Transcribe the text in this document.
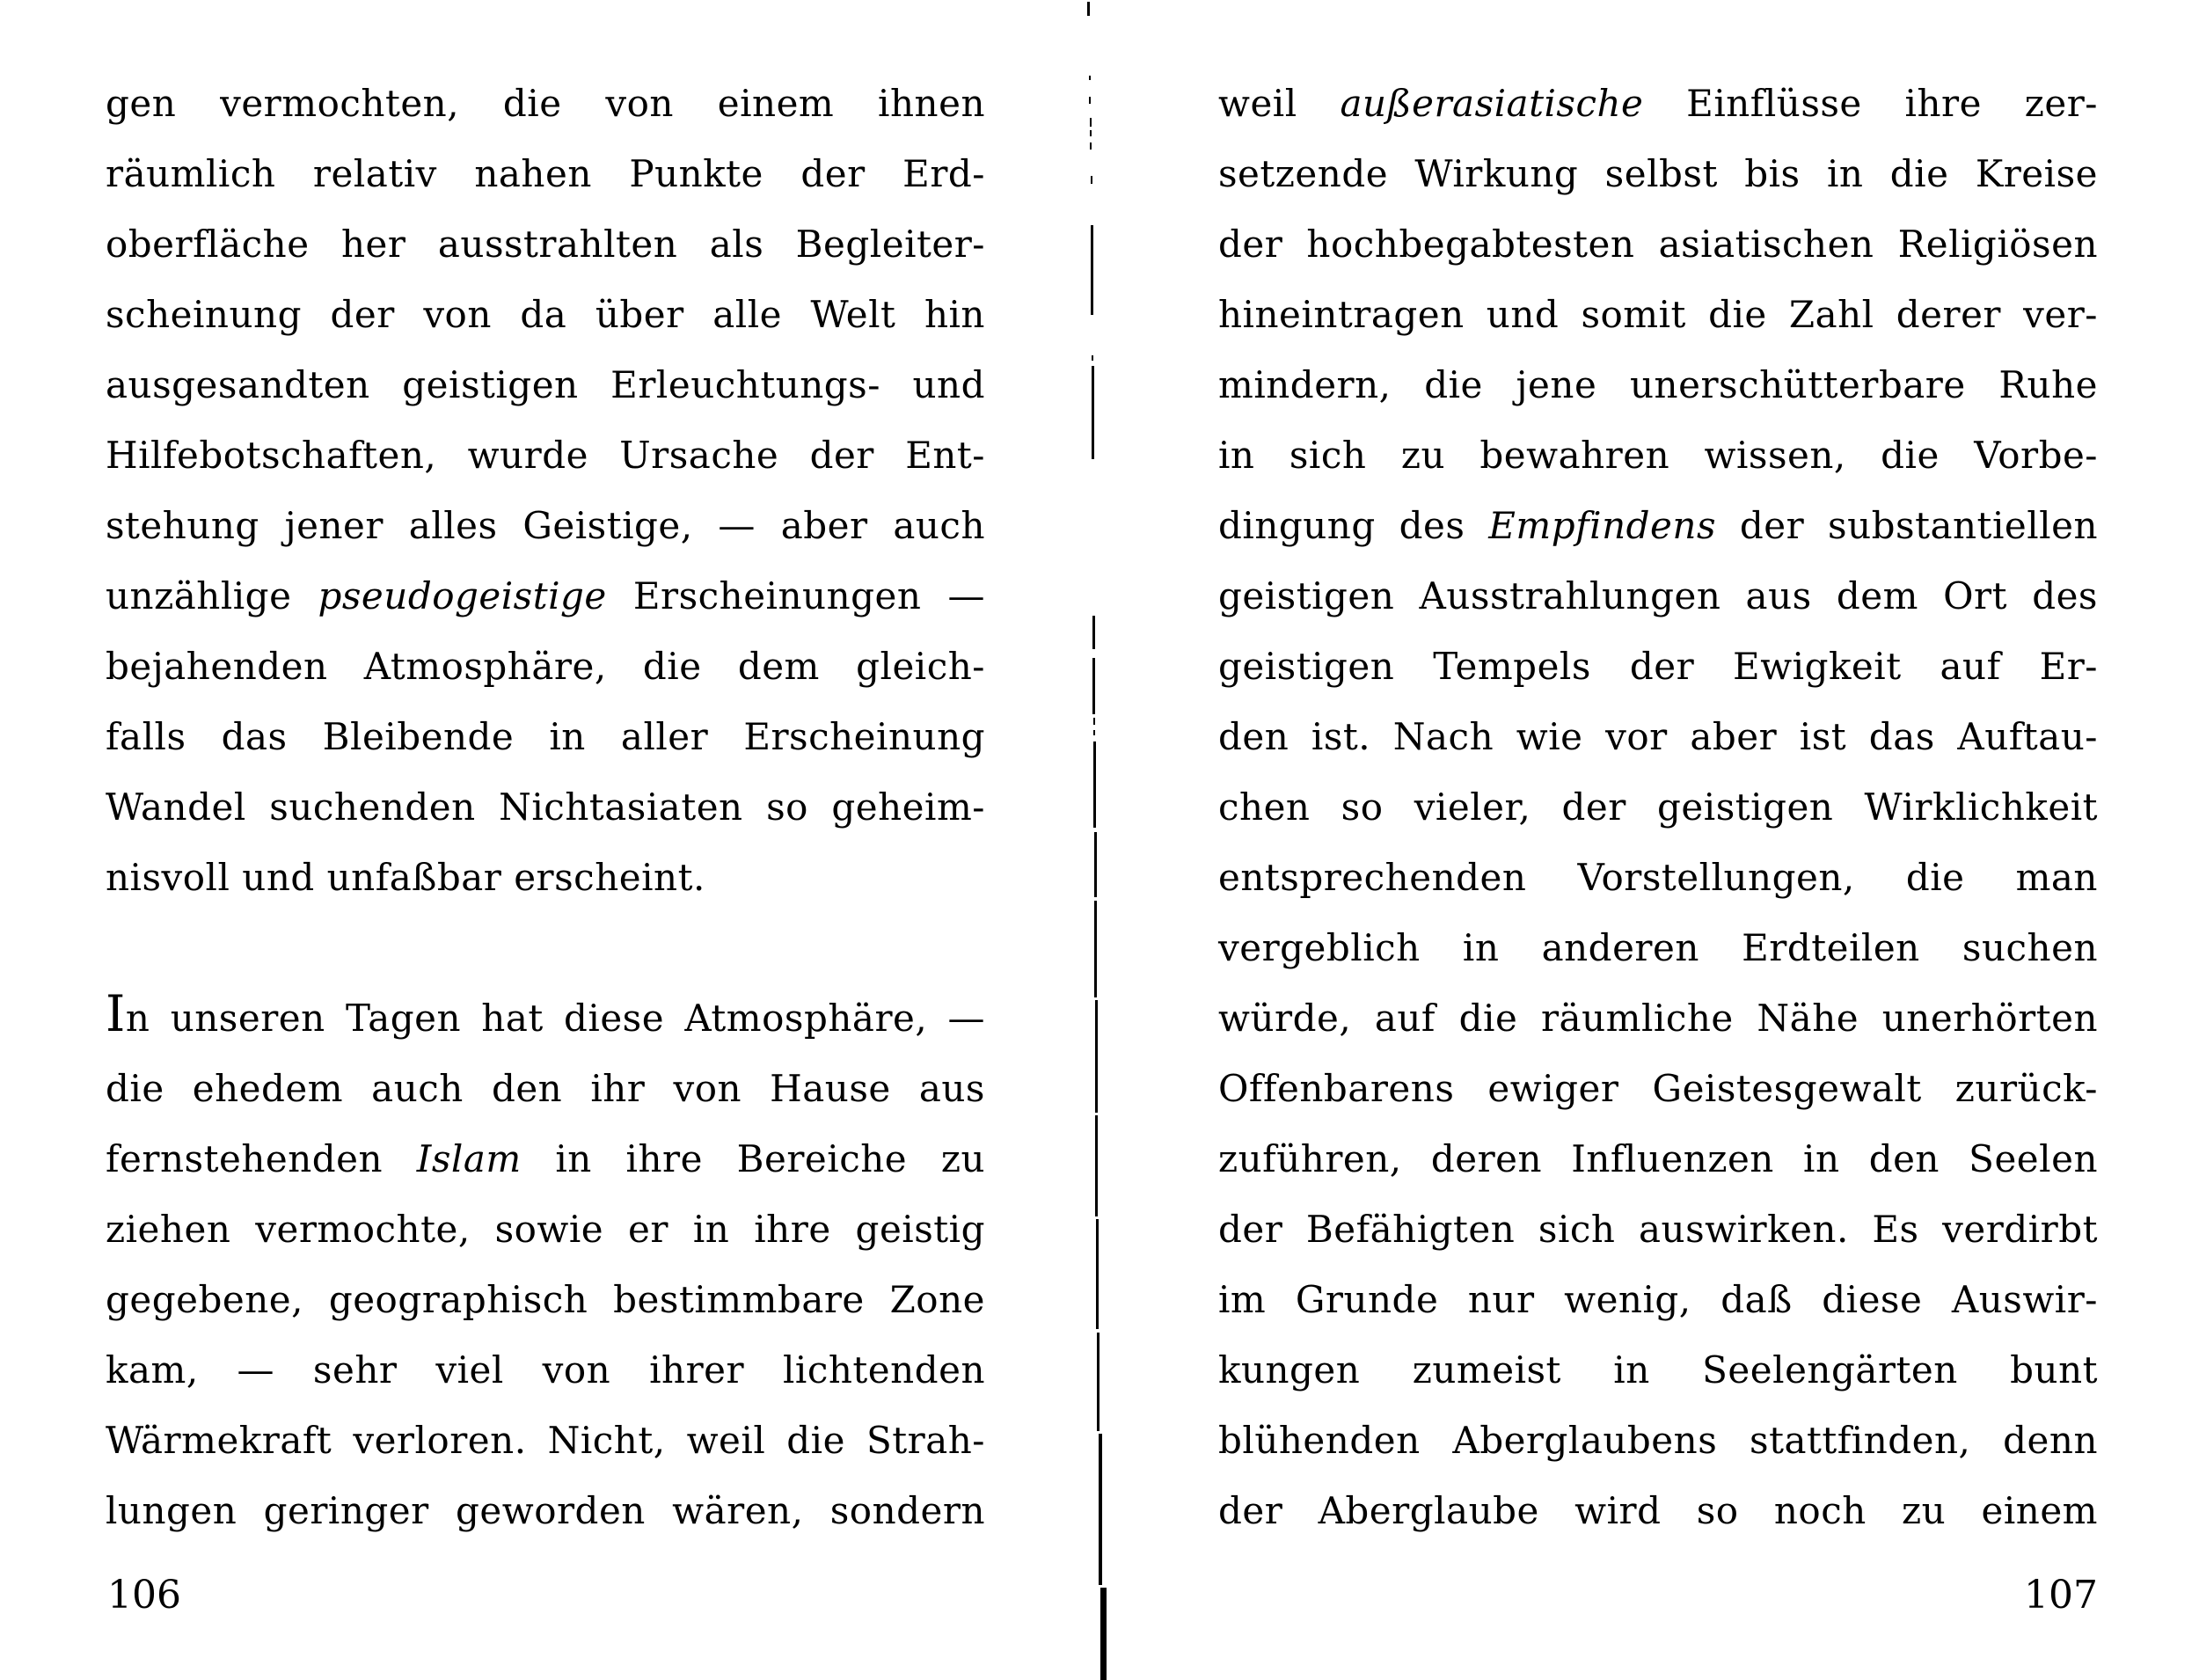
gen vermochten, die von einem ihnen
räumlich relativ nahen Punkte der Erd-
oberfläche her ausstrahlten als Begleiter-
scheinung der von da über alle Welt hin
ausgesandten geistigen Erleuchtungs- und
Hilfebotschaften, wurde Ursache der Ent-
stehung jener alles Geistige, — aber auch
unzählige pseudogeistige Erscheinungen —
bejahenden Atmosphäre, die dem gleich-
falls das Bleibende in aller Erscheinung
Wandel suchenden Nichtasiaten so geheim-
nisvoll und unfaßbar erscheint.
In unseren Tagen hat diese Atmosphäre, —
die ehedem auch den ihr von Hause aus
fernstehenden Islam in ihre Bereiche zu
ziehen vermochte, sowie er in ihre geistig
gegebene, geographisch bestimmbare Zone
kam, — sehr viel von ihrer lichtenden
Wärmekraft verloren. Nicht, weil die Strah-
lungen geringer geworden wären, sondern
106
weil außerasiatische Einflüsse ihre zer-
setzende Wirkung selbst bis in die Kreise
der hochbegabtesten asiatischen Religiösen
hineintragen und somit die Zahl derer ver-
mindern, die jene unerschütterbare Ruhe
in sich zu bewahren wissen, die Vorbe-
dingung des Empfindens der substantiellen
geistigen Ausstrahlungen aus dem Ort des
geistigen Tempels der Ewigkeit auf Er-
den ist. Nach wie vor aber ist das Auftau-
chen so vieler, der geistigen Wirklichkeit
entsprechenden Vorstellungen, die man
vergeblich in anderen Erdteilen suchen
würde, auf die räumliche Nähe unerhörten
Offenbarens ewiger Geistesgewalt zurück-
zuführen, deren Influenzen in den Seelen
der Befähigten sich auswirken. Es verdirbt
im Grunde nur wenig, daß diese Auswir-
kungen zumeist in Seelengärten bunt
blühenden Aberglaubens stattfinden, denn
der Aberglaube wird so noch zu einem
107
